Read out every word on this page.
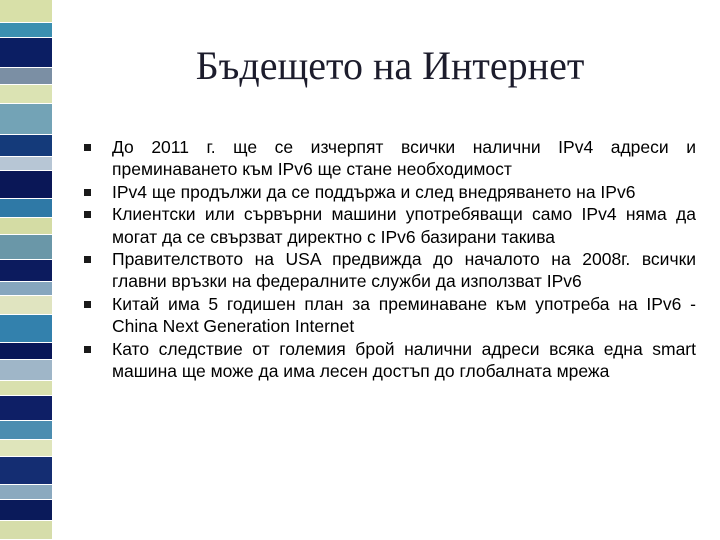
Бъдещето на Интернет
До 2011 г. ще се изчерпят всички налични IPv4 адреси и преминаването към IPv6 ще стане необходимост
IPv4 ще продължи да се поддържа и след внедряването на IPv6
Клиентски или сървърни машини употребяващи само IPv4 няма да могат да се свързват директно с IPv6 базирани такива
Правителството на USA предвижда до началото на 2008г. всички главни връзки на федералните служби да използват IPv6
Китай има 5 годишен план за преминаване към употреба на IPv6 - China Next Generation Internet
Като следствие от големия брой налични адреси всяка една smart машина ще може да има лесен достъп до глобалната мрежа
